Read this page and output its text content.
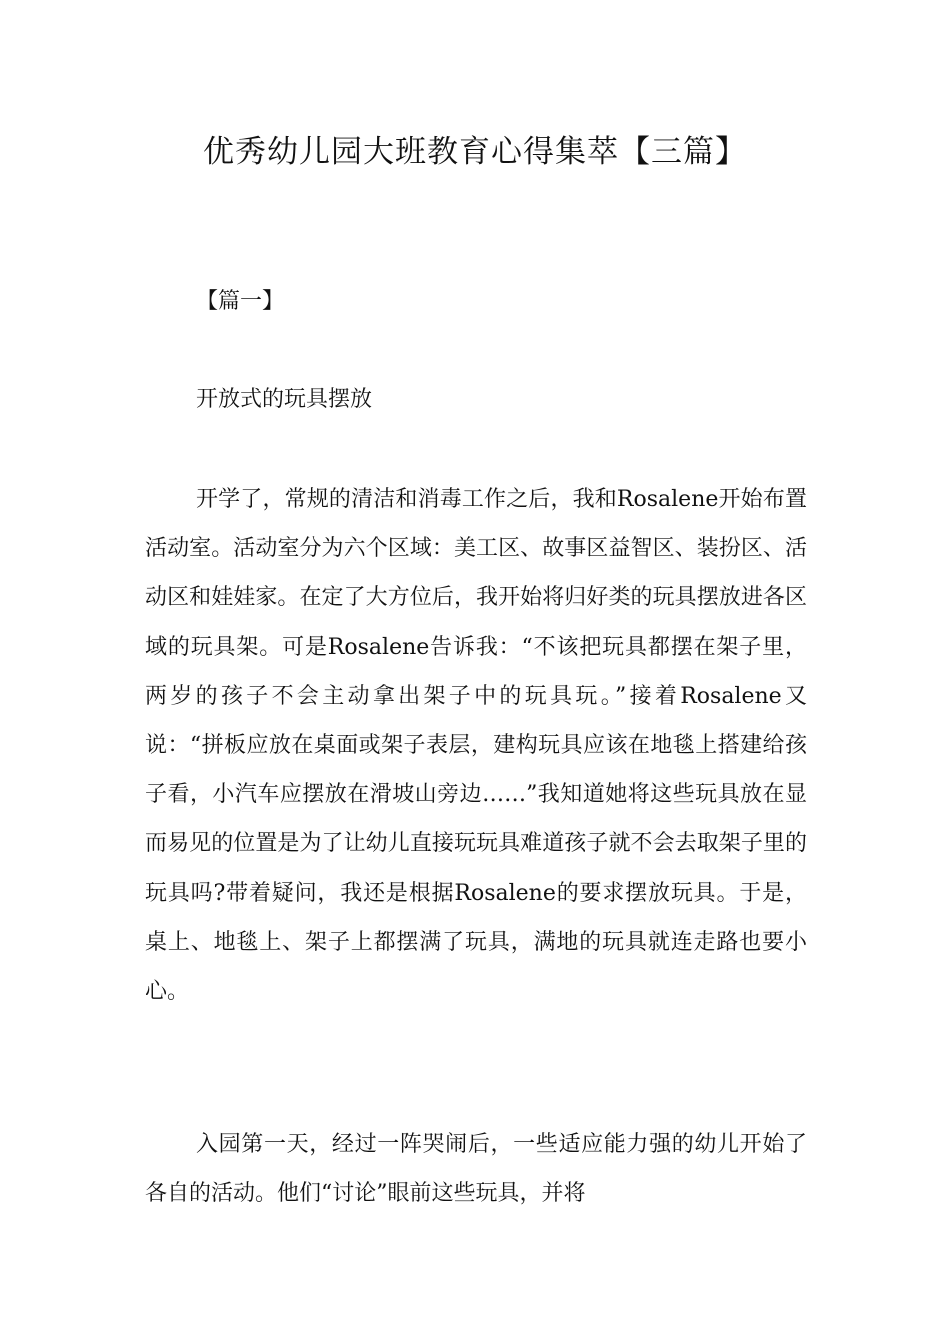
优秀幼儿园大班教育心得集萃【三篇】

【篇一】

开放式的玩具摆放

开学了，常规的清洁和消毒工作之后，我和Rosalene开始布置活动室。活动室分为六个区域：美工区、故事区益智区、装扮区、活动区和娃娃家。在定了大方位后，我开始将归好类的玩具摆放进各区域的玩具架。可是Rosalene告诉我：“不该把玩具都摆在架子里，两岁的孩子不会主动拿出架子中的玩具玩。”接着Rosalene又说：“拼板应放在桌面或架子表层，建构玩具应该在地毯上搭建给孩子看，小汽车应摆放在滑坡山旁边……”我知道她将这些玩具放在显而易见的位置是为了让幼儿直接玩玩具难道孩子就不会去取架子里的玩具吗?带着疑问，我还是根据Rosalene的要求摆放玩具。于是，桌上、地毯上、架子上都摆满了玩具，满地的玩具就连走路也要小心。

入园第一天，经过一阵哭闹后，一些适应能力强的幼儿开始了各自的活动。他们“讨论”眼前这些玩具，并将
